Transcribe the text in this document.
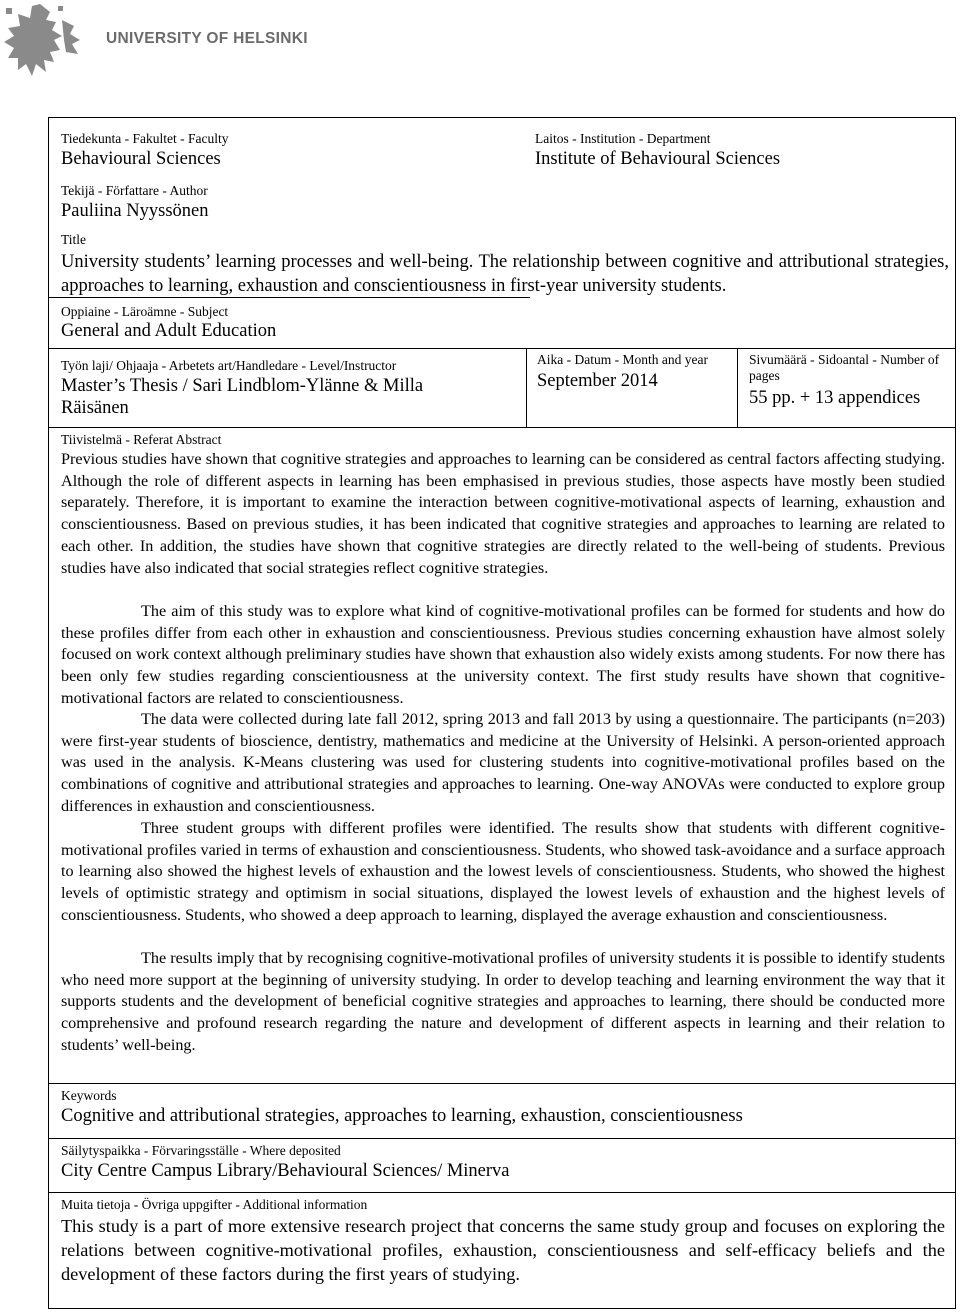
UNIVERSITY OF HELSINKI
Tiedekunta - Fakultet - Faculty
Behavioural Sciences
Laitos - Institution - Department
Institute of Behavioural Sciences
Tekijä - Författare - Author
Pauliina Nyyssönen
Title

University students’ learning processes and well-being. The relationship between cognitive and attributional strategies, approaches to learning, exhaustion and conscientiousness in first-year university students.

Oppiaine - Läroämne - Subject
General and Adult Education
Työn laji/ Ohjaaja - Arbetets art/Handledare - Level/Instructor
Master’s Thesis / Sari Lindblom-Ylänne & Milla Räisänen
Aika - Datum - Month and year
September 2014
Sivumäärä - Sidoantal - Number of pages
55 pp. + 13 appendices
Tiivistelmä - Referat Abstract

Previous studies have shown that cognitive strategies and approaches to learning can be considered as central factors affecting studying. Although the role of different aspects in learning has been emphasised in previous studies, those aspects have mostly been studied separately. Therefore, it is important to examine the interaction between cognitive-motivational aspects of learning, exhaustion and conscientiousness. Based on previous studies, it has been indicated that cognitive strategies and approaches to learning are related to each other. In addition, the studies have shown that cognitive strategies are directly related to the well-being of students. Previous studies have also indicated that social strategies reflect cognitive strategies.

The aim of this study was to explore what kind of cognitive-motivational profiles can be formed for students and how do these profiles differ from each other in exhaustion and conscientiousness. Previous studies concerning exhaustion have almost solely focused on work context although preliminary studies have shown that exhaustion also widely exists among students. For now there has been only few studies regarding conscientiousness at the university context. The first study results have shown that cognitive-motivational factors are related to conscientiousness.

The data were collected during late fall 2012, spring 2013 and fall 2013 by using a questionnaire. The participants (n=203) were first-year students of bioscience, dentistry, mathematics and medicine at the University of Helsinki. A person-oriented approach was used in the analysis. K-Means clustering was used for clustering students into cognitive-motivational profiles based on the combinations of cognitive and attributional strategies and approaches to learning. One-way ANOVAs were conducted to explore group differences in exhaustion and conscientiousness.

Three student groups with different profiles were identified. The results show that students with different cognitive-motivational profiles varied in terms of exhaustion and conscientiousness. Students, who showed task-avoidance and a surface approach to learning also showed the highest levels of exhaustion and the lowest levels of conscientiousness. Students, who showed the highest levels of optimistic strategy and optimism in social situations, displayed the lowest levels of exhaustion and the highest levels of conscientiousness. Students, who showed a deep approach to learning, displayed the average exhaustion and conscientiousness.

The results imply that by recognising cognitive-motivational profiles of university students it is possible to identify students who need more support at the beginning of university studying. In order to develop teaching and learning environment the way that it supports students and the development of beneficial cognitive strategies and approaches to learning, there should be conducted more comprehensive and profound research regarding the nature and development of different aspects in learning and their relation to students’ well-being.

Keywords
Cognitive and attributional strategies, approaches to learning, exhaustion, conscientiousness
Säilytyspaikka - Förvaringsställe - Where deposited
City Centre Campus Library/Behavioural Sciences/ Minerva
Muita tietoja - Övriga uppgifter - Additional information

This study is a part of more extensive research project that concerns the same study group and focuses on exploring the relations between cognitive-motivational profiles, exhaustion, conscientiousness and self-efficacy beliefs and the development of these factors during the first years of studying.
